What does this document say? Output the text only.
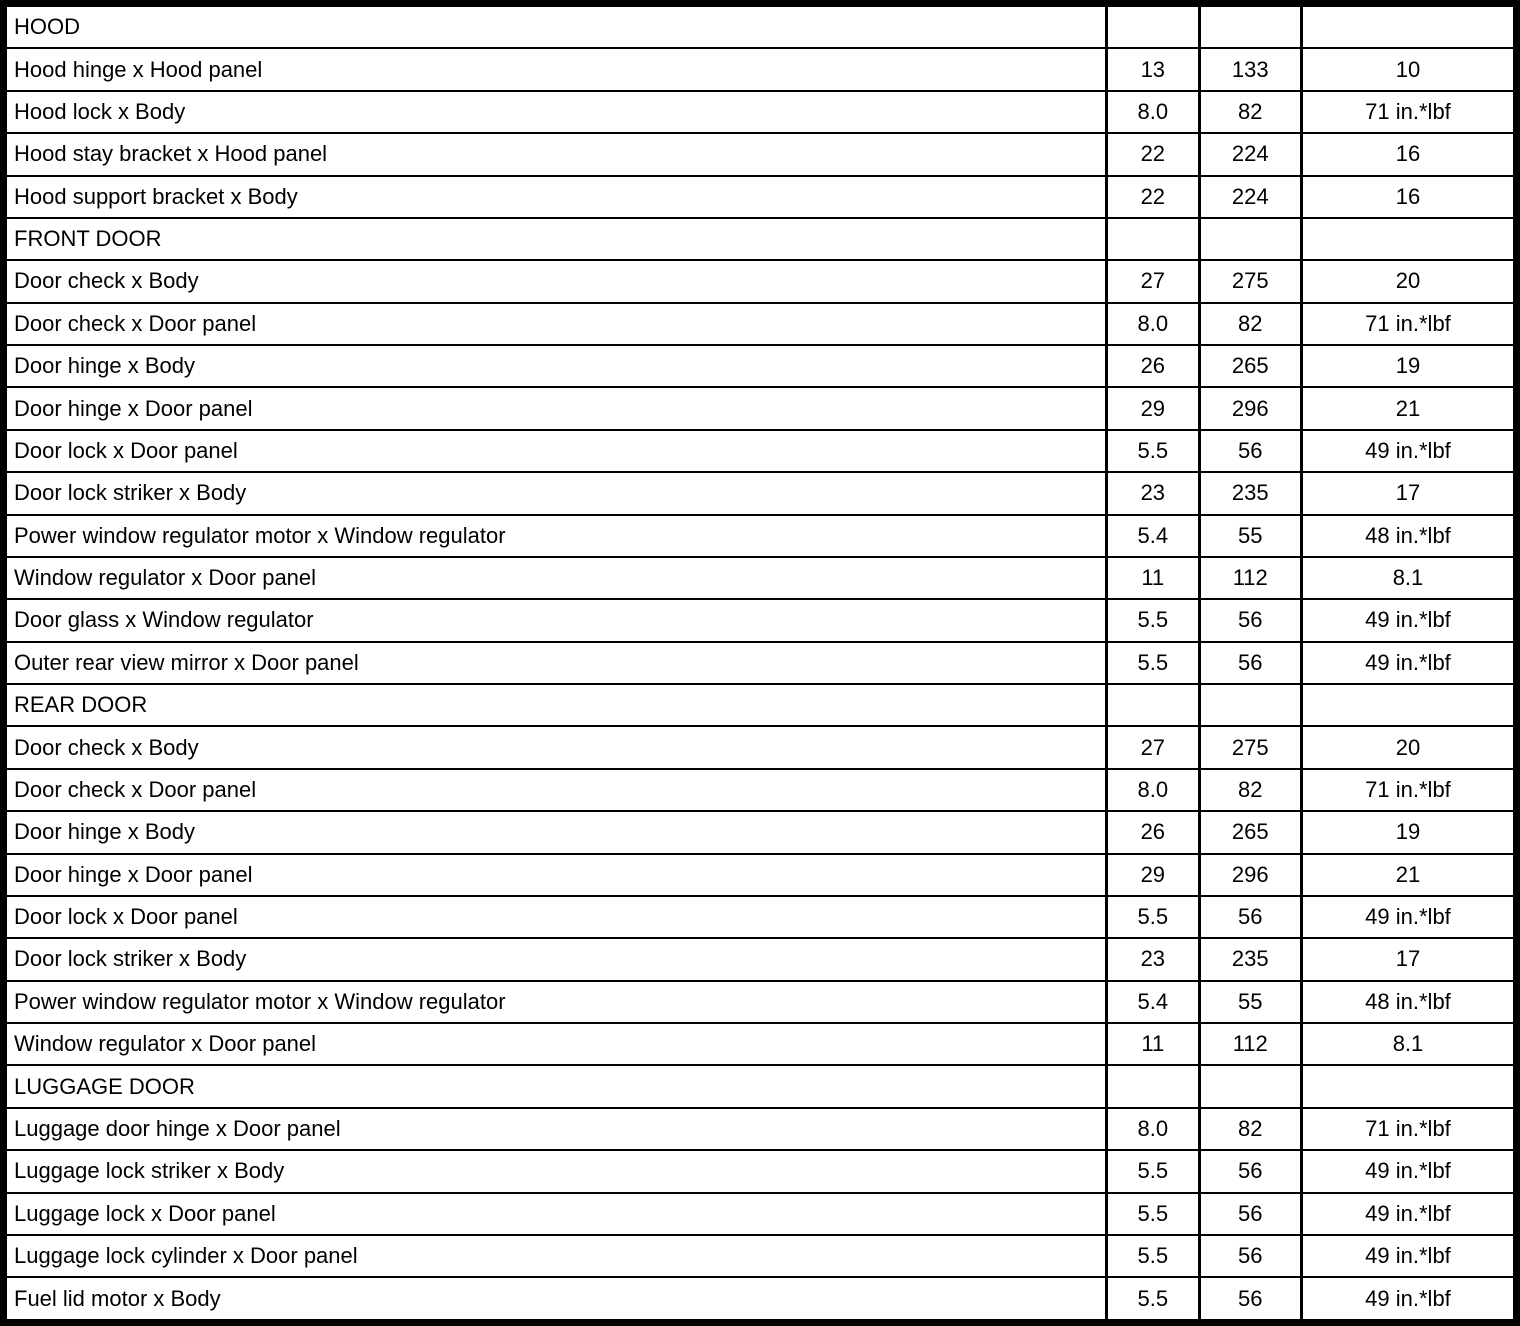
HOOD			
Hood hinge x Hood panel	13	133	10
Hood lock x Body	8.0	82	71 in.*lbf
Hood stay bracket x Hood panel	22	224	16
Hood support bracket x Body	22	224	16
FRONT DOOR			
Door check x Body	27	275	20
Door check x Door panel	8.0	82	71 in.*lbf
Door hinge x Body	26	265	19
Door hinge x Door panel	29	296	21
Door lock x Door panel	5.5	56	49 in.*lbf
Door lock striker x Body	23	235	17
Power window regulator motor x Window regulator	5.4	55	48 in.*lbf
Window regulator x Door panel	11	112	8.1
Door glass x Window regulator	5.5	56	49 in.*lbf
Outer rear view mirror x Door panel	5.5	56	49 in.*lbf
REAR DOOR			
Door check x Body	27	275	20
Door check x Door panel	8.0	82	71 in.*lbf
Door hinge x Body	26	265	19
Door hinge x Door panel	29	296	21
Door lock x Door panel	5.5	56	49 in.*lbf
Door lock striker x Body	23	235	17
Power window regulator motor x Window regulator	5.4	55	48 in.*lbf
Window regulator x Door panel	11	112	8.1
LUGGAGE DOOR			
Luggage door hinge x Door panel	8.0	82	71 in.*lbf
Luggage lock striker x Body	5.5	56	49 in.*lbf
Luggage lock x Door panel	5.5	56	49 in.*lbf
Luggage lock cylinder x Door panel	5.5	56	49 in.*lbf
Fuel lid motor x Body	5.5	56	49 in.*lbf
